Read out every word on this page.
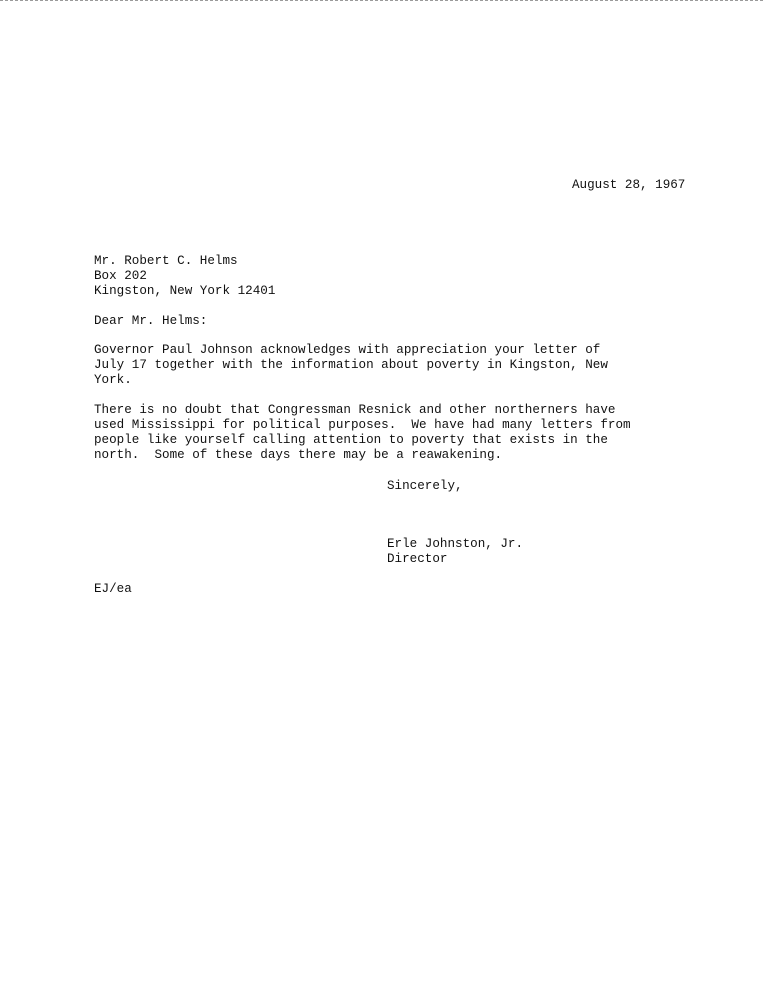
August 28, 1967
Mr. Robert C. Helms
Box 202
Kingston, New York 12401
Dear Mr. Helms:
Governor Paul Johnson acknowledges with appreciation your letter of
July 17 together with the information about poverty in Kingston, New
York.
There is no doubt that Congressman Resnick and other northerners have
used Mississippi for political purposes.  We have had many letters from
people like yourself calling attention to poverty that exists in the
north.  Some of these days there may be a reawakening.
Sincerely,
Erle Johnston, Jr.
Director
EJ/ea
